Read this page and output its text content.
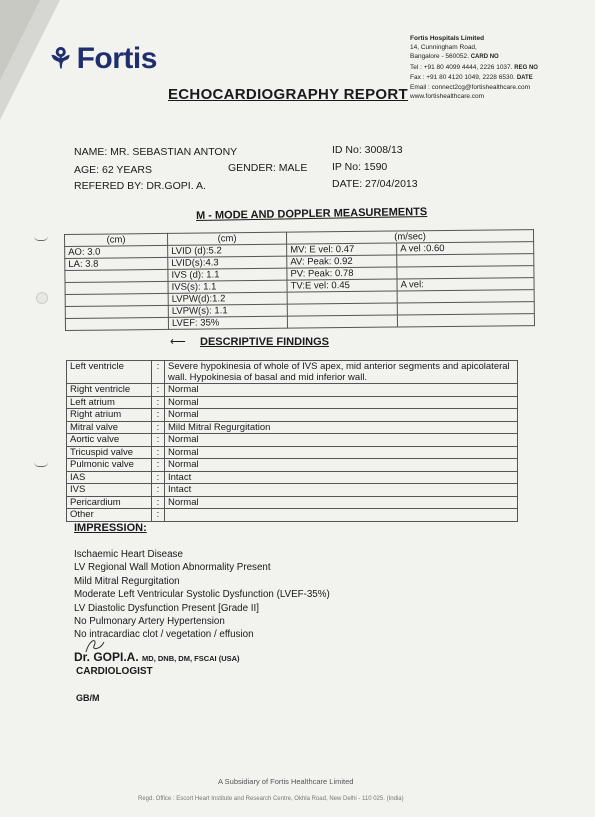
⚘ Fortis
Fortis Hospitals Limited
14, Cunningham Road,
Bangalore - 560052. CARD NO
Tel : +91 80 4099 4444, 2226 1037. REG NO
Fax : +91 80 4120 1049, 2228 6530. DATE
Email : connect2cg@fortishealthcare.com
www.fortishealthcare.com
ECHOCARDIOGRAPHY REPORT
NAME: MR. SEBASTIAN ANTONY
AGE: 62 YEARS	GENDER: MALE
REFERED BY: DR.GOPI. A.
ID No: 3008/13
IP No: 1590
DATE: 27/04/2013
M - MODE AND DOPPLER MEASUREMENTS
(cm)	(cm)	(m/sec)	
AO: 3.0	LVID (d):5.2	MV: E vel: 0.47	A vel :0.60
LA: 3.8	LVID(s):4.3	AV: Peak: 0.92	
	IVS (d): 1.1	PV: Peak: 0.78	
	IVS(s): 1.1	TV:E vel: 0.45	A vel:
	LVPW(d):1.2		
	LVPW(s): 1.1		
	LVEF: 35%		
⟵ DESCRIPTIVE FINDINGS
Left ventricle	:	Severe hypokinesia of whole of IVS apex, mid anterior segments and apicolateral wall. Hypokinesia of basal and mid inferior wall.
Right ventricle	:	Normal
Left atrium	:	Normal
Right atrium	:	Normal
Mitral valve	:	Mild Mitral Regurgitation
Aortic valve	:	Normal
Tricuspid valve	:	Normal
Pulmonic valve	:	Normal
IAS	:	Intact
IVS	:	Intact
Pericardium	:	Normal
Other	:	
IMPRESSION:
Ischaemic Heart Disease
LV Regional Wall Motion Abnormality Present
Mild Mitral Regurgitation
Moderate Left Ventricular Systolic Dysfunction (LVEF-35%)
LV Diastolic Dysfunction Present [Grade II]
No Pulmonary Artery Hypertension
No intracardiac clot / vegetation / effusion
Dr. GOPI.A. MD, DNB, DM, FSCAI (USA)
CARDIOLOGIST
GB/M
A Subsidiary of Fortis Healthcare Limited
Regd. Office : Escort Heart Institute and Research Centre, Okhla Road, New Delhi - 110 025. (India)
